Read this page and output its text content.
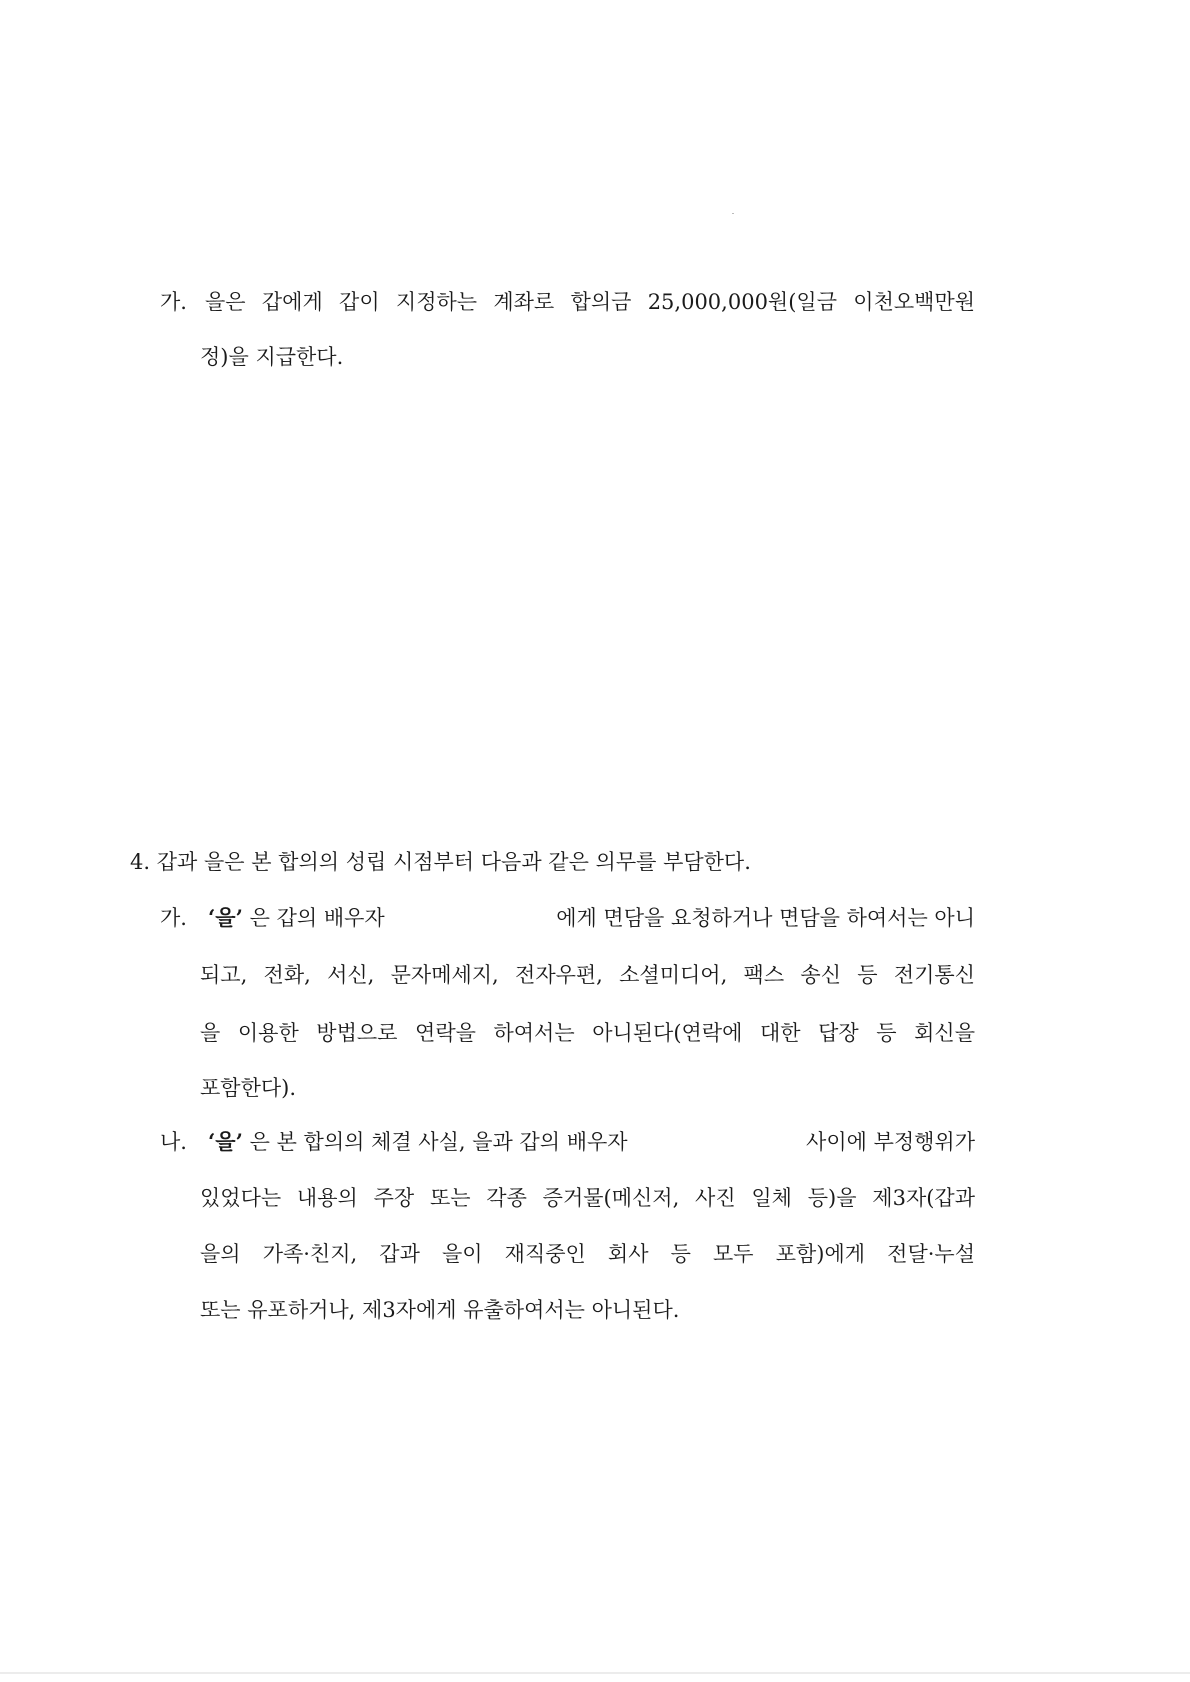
가. 을은 갑에게 갑이 지정하는 계좌로 합의금 25,000,000원(일금 이천오백만원
정)을 지급한다.
4. 갑과 을은 본 합의의 성립 시점부터 다음과 같은 의무를 부담한다.
가. ‘을’ 은 갑의 배우자	에게 면담을 요청하거나 면담을 하여서는 아니
되고, 전화, 서신, 문자메세지, 전자우편, 소셜미디어, 팩스 송신 등 전기통신
을 이용한 방법으로 연락을 하여서는 아니된다(연락에 대한 답장 등 회신을
포함한다).
나. ‘을’ 은 본 합의의 체결 사실, 을과 갑의 배우자	사이에 부정행위가
있었다는 내용의 주장 또는 각종 증거물(메신저, 사진 일체 등)을 제3자(갑과
을의 가족·친지, 갑과 을이 재직중인 회사 등 모두 포함)에게 전달·누설
또는 유포하거나, 제3자에게 유출하여서는 아니된다.
